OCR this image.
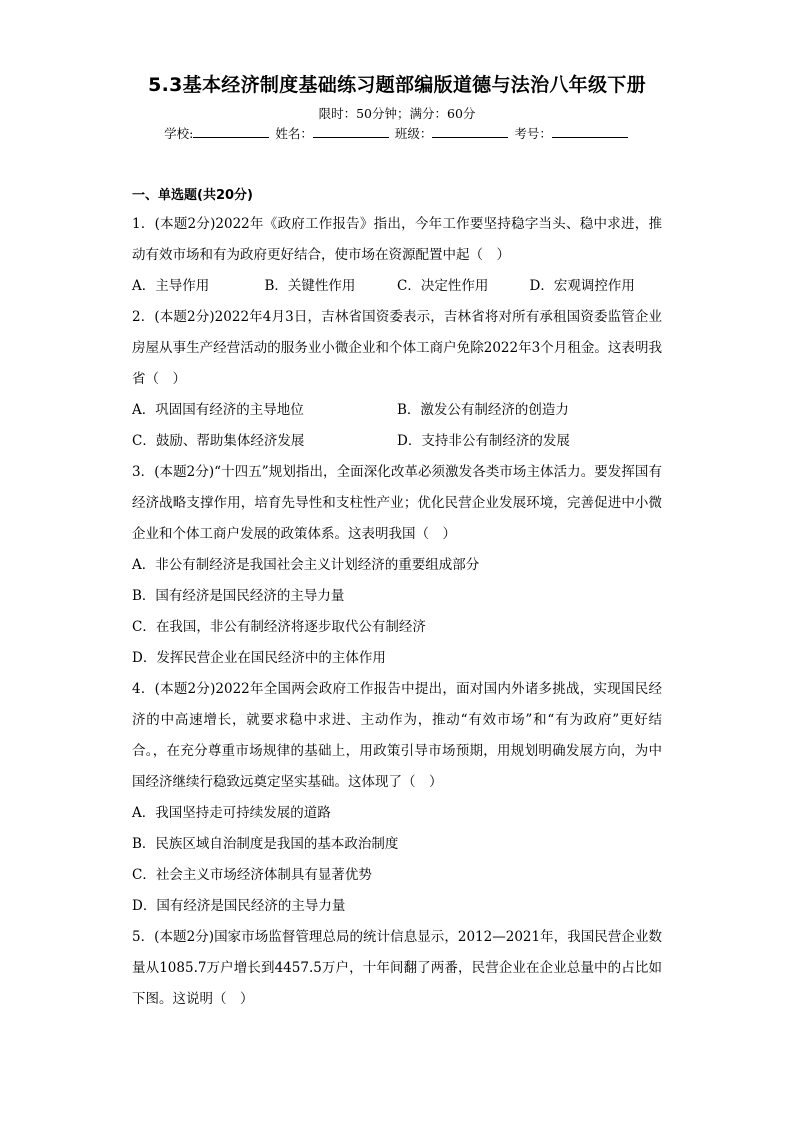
5.3基本经济制度基础练习题部编版道德与法治八年级下册
限时：50分钟；满分：60分
学校:	姓名：	班级：	考号：
一、单选题(共20分)
1．(本题2分)2022年《政府工作报告》指出，今年工作要坚持稳字当头、稳中求进，推动有效市场和有为政府更好结合，使市场在资源配置中起（　）
A．主导作用	B．关键性作用	C．决定性作用	D．宏观调控作用
2．(本题2分)2022年4月3日，吉林省国资委表示，吉林省将对所有承租国资委监管企业房屋从事生产经营活动的服务业小微企业和个体工商户免除2022年3个月租金。这表明我省（　）
A．巩固国有经济的主导地位	B．激发公有制经济的创造力
C．鼓励、帮助集体经济发展	D．支持非公有制经济的发展
3．(本题2分)“十四五”规划指出，全面深化改革必须激发各类市场主体活力。要发挥国有经济战略支撑作用，培育先导性和支柱性产业；优化民营企业发展环境，完善促进中小微企业和个体工商户发展的政策体系。这表明我国（　）
A．非公有制经济是我国社会主义计划经济的重要组成部分
B．国有经济是国民经济的主导力量
C．在我国，非公有制经济将逐步取代公有制经济
D．发挥民营企业在国民经济中的主体作用
4．(本题2分)2022年全国两会政府工作报告中提出，面对国内外诸多挑战，实现国民经济的中高速增长，就要求稳中求进、主动作为，推动“有效市场”和“有为政府”更好结合。，在充分尊重市场规律的基础上，用政策引导市场预期，用规划明确发展方向，为中国经济继续行稳致远奠定坚实基础。这体现了（　）
A．我国坚持走可持续发展的道路
B．民族区域自治制度是我国的基本政治制度
C．社会主义市场经济体制具有显著优势
D．国有经济是国民经济的主导力量
5．(本题2分)国家市场监督管理总局的统计信息显示，2012—2021年，我国民营企业数量从1085.7万户增长到4457.5万户，十年间翻了两番，民营企业在企业总量中的占比如下图。这说明（　）
